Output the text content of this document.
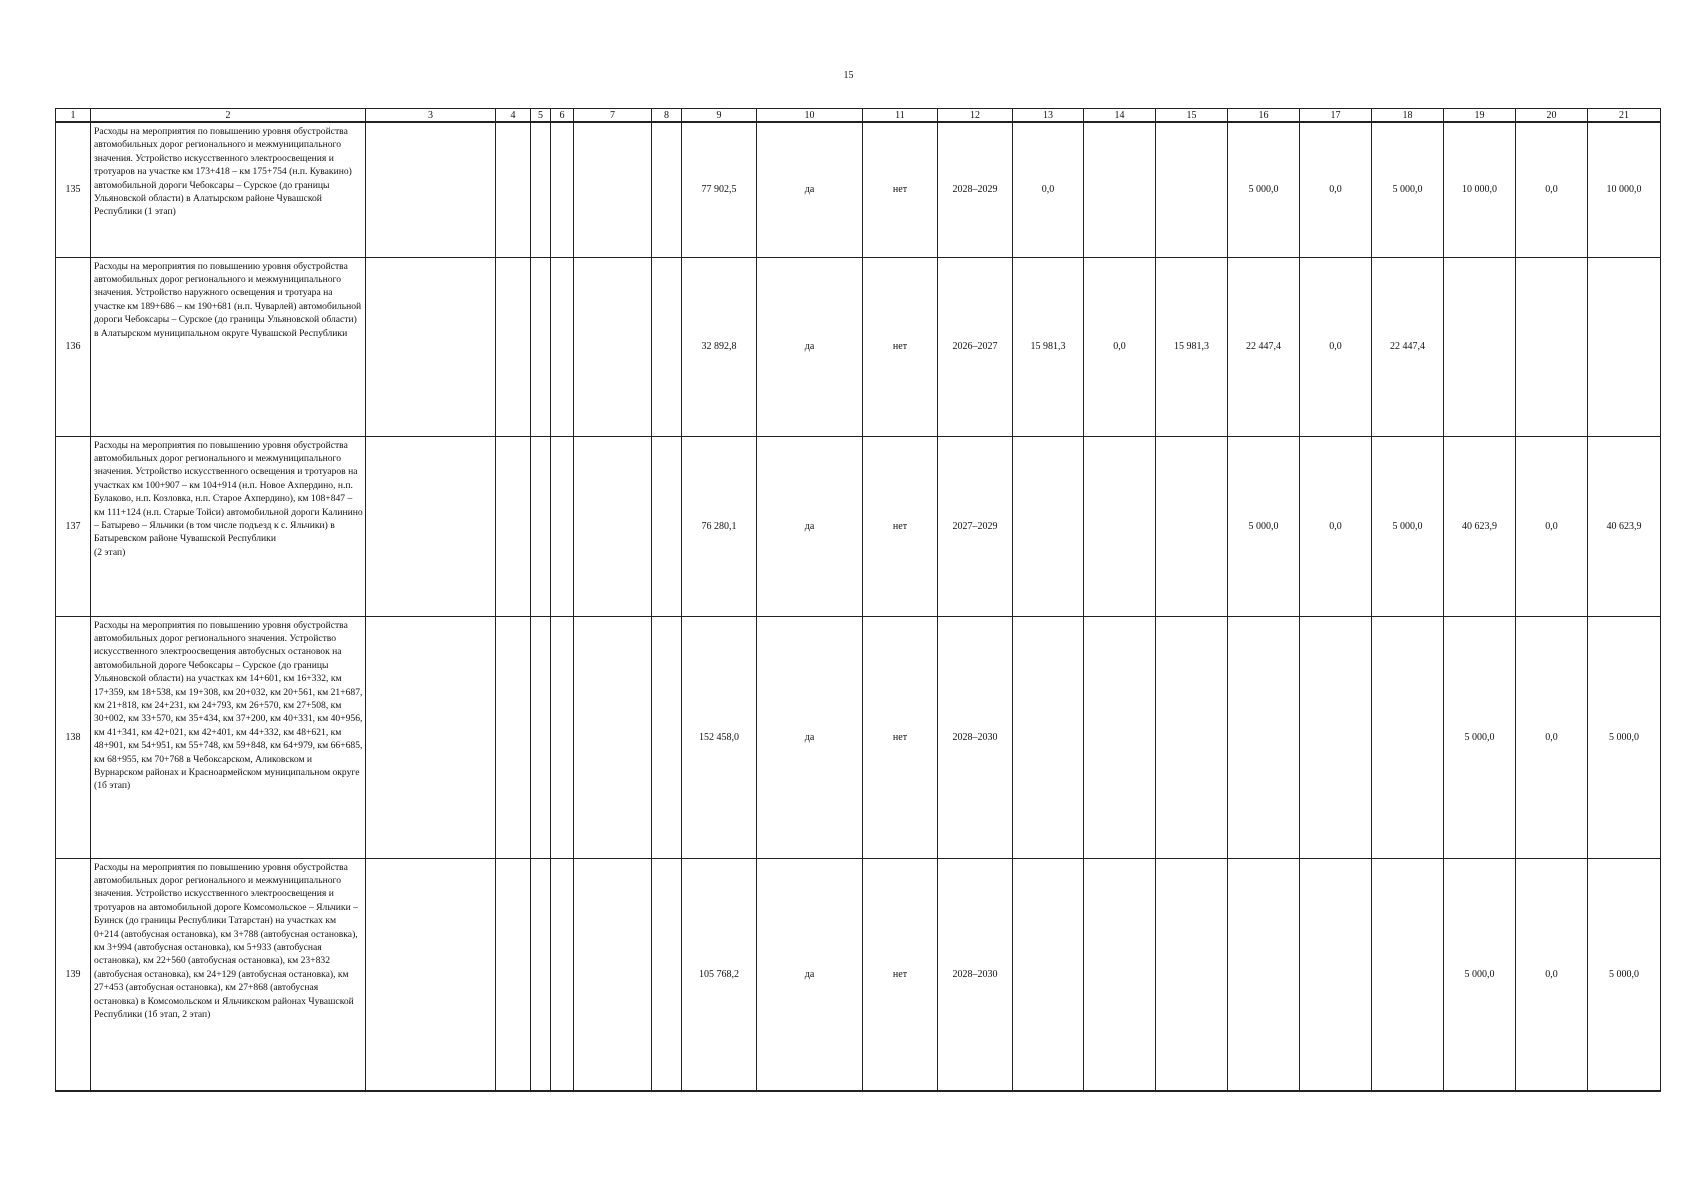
15
1	2	3	4	5	6	7	8	9	10	11	12	13	14	15	16	17	18	19	20	21
135	Расходы на мероприятия по повышению уровня обустройства автомобильных дорог регионального и межмуниципального значения. Устройство искусственного электроосвещения и тротуаров на участке км 173+418 – км 175+754 (н.п. Кувакино) автомобильной дороги Чебоксары – Сурское (до границы Ульяновской области) в Алатырском районе Чувашской Республики (1 этап)							77 902,5	да	нет	2028–2029	0,0			5 000,0	0,0	5 000,0	10 000,0	0,0	10 000,0
136	Расходы на мероприятия по повышению уровня обустройства автомобильных дорог регионального и межмуниципального значения. Устройство наружного освещения и тротуара на участке км 189+686 – км 190+681 (н.п. Чуварлей) автомобильной дороги Чебоксары – Сурское (до границы Ульяновской области) в Алатырском муниципальном округе Чувашской Республики							32 892,8	да	нет	2026–2027	15 981,3	0,0	15 981,3	22 447,4	0,0	22 447,4			
137	Расходы на мероприятия по повышению уровня обустройства автомобильных дорог регионального и межмуниципального значения. Устройство искусственного освещения и тротуаров на участках км 100+907 – км 104+914 (н.п. Новое Ахпердино, н.п. Булаково, н.п. Козловка, н.п. Старое Ахпердино), км 108+847 – км 111+124 (н.п. Старые Тойси) автомобильной дороги Калинино – Батырево – Яльчики (в том числе подъезд к с. Яльчики) в Батыревском районе Чувашской Республики
(2 этап)							76 280,1	да	нет	2027–2029				5 000,0	0,0	5 000,0	40 623,9	0,0	40 623,9
138	Расходы на мероприятия по повышению уровня обустройства автомобильных дорог регионального значения. Устройство искусственного электроосвещения автобусных остановок на автомобильной дороге Чебоксары – Сурское (до границы Ульяновской области) на участках км 14+601, км 16+332, км 17+359, км 18+538, км 19+308, км 20+032, км 20+561, км 21+687, км 21+818, км 24+231, км 24+793, км 26+570, км 27+508, км 30+002, км 33+570, км 35+434, км 37+200, км 40+331, км 40+956, км 41+341, км 42+021, км 42+401, км 44+332, км 48+621, км 48+901, км 54+951, км 55+748, км 59+848, км 64+979, км 66+685, км 68+955, км 70+768 в Чебоксарском, Аликовском и Вурнарском районах и Красноармейском муниципальном округе (1б этап)							152 458,0	да	нет	2028–2030							5 000,0	0,0	5 000,0
139	Расходы на мероприятия по повышению уровня обустройства автомобильных дорог регионального и межмуниципального значения. Устройство искусственного электроосвещения и тротуаров на автомобильной дороге Комсомольское – Яльчики – Буинск (до границы Республики Татарстан) на участках км 0+214 (автобусная остановка), км 3+788 (автобусная остановка), км 3+994 (автобусная остановка), км 5+933 (автобусная остановка), км 22+560 (автобусная остановка), км 23+832 (автобусная остановка), км 24+129 (автобусная остановка), км 27+453 (автобусная остановка), км 27+868 (автобусная остановка) в Комсомольском и Яльчикском районах Чувашской Республики (1б этап, 2 этап)							105 768,2	да	нет	2028–2030							5 000,0	0,0	5 000,0
